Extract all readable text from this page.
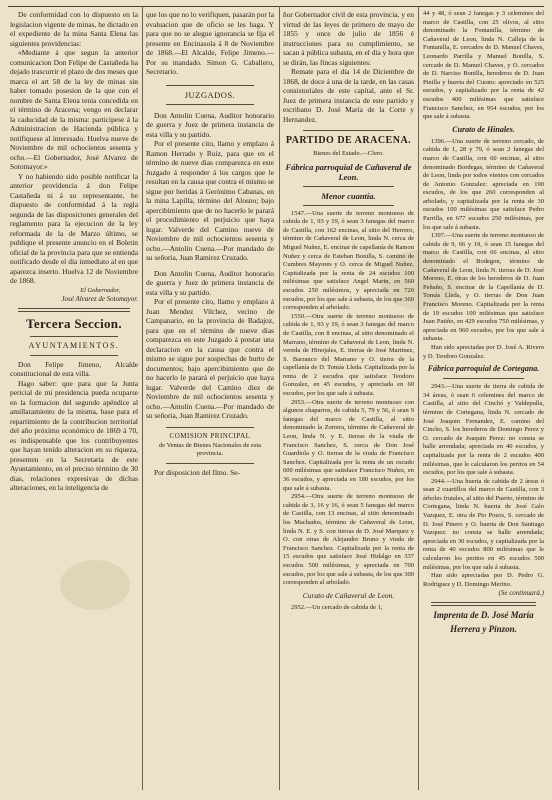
De conformidad con lo dispuesto en la legislacion vigente de minas, he dictado en el expediente de la mina Santa Elena las siguientes providencias:

«Mediante á que segun la anterior comunicacion Don Felipe de Castañeda ha dejado trascurrir el plazo de dos meses que marca el art 58 de la ley de minas sin haber tomado posesion de la que con el nombre de Santa Elena tenia concedida en el término de Aracena; vengo en declarar la caducidad de la misma: participese á la Administracion de Hacienda pública y notifiquese al interesado. Huelva nueve de Noviembre de mil ochocientos sesenta y ocho.—El Gobernador, José Alvarez de Sotomayor.»

Y no habiendo sido posible notificar la anterior providencia á don Felipe Castañeda ni á su representante, he dispuesto de conformidad á la regla segunda de las disposiciones generales del reglamento para la ejecucion de la ley reformada de la de Marzo último, se publique el presente anuncio en el Boletin oficial de la provincia para que se entienda notificado desde el dia inmediato al en que aparezca inserto. Huelva 12 de Noviembre de 1868.

El Gobernador,

José Alvarez de Sotomayor.

Tercera Seccion.
AYUNTAMIENTOS.

Don Felipe Jimeno, Alcalde constitucional de esta villa.

Hago saber: que para que la Junta pericial de mi presidencia pueda ocuparse en la formacion del segundo apéndice al amillaramiento de la misma, base para el repartimiento de la contribucion territorial del año próximo económico de 1869 á 70, es indispensable que los contribuyentes que hayan tenido alteracion en su riqueza, presenten en la Secretaria de este Ayuntamiento, en el preciso término de 30 dias, relaciones expresivas de dichas alteraciones, en la inteligencia de

que los que no lo verifiquen, pasarán por la evaluacion que de oficio se les haga. Y para que no se alegue ignorancia se fija el presente en Encinasola á 8 de Noviembre de 1868.—El Alcalde, Felipe Jimeno.—Por su mandado. Simon G. Caballero, Secretario.

JUZGADOS.

Don Antolin Cuena, Auditor honorario de guerra y Juez de primera instancia de esta villa y su partido.

Por el presente cito, llamo y emplazo á Ramon Herrado y Ruiz, para que en el término de nueve dias comparezca en este Juzgado á responder á los cargos que le resultan en la causa que contra el mismo se sigue por heridas á Gerónimo Cabanas, en la mina Lapilla, término del Alosno; bajo apercibimiento que de no hacerlo le parará el procedimiento el perjuicio que haya lugar. Valverde del Camino nueve de Noviembre de mil ochocientos sesenta y ocho.—Antolin Cuena.—Por mandado de su señoria, Juan Ramirez Cruzado.

Don Antolin Cuena, Auditor honorario de guerra y Juez de primera instancia de esta villa y su partido.

Por el presente cito, llamo y emplazo á Juan Mendez Vilchez, vecino de Campanario, en la provincia de Badajoz, para que en el término de nueve dias comparezca en este Juzgado á prestar una declaracion en la causa que contra el mismo se sigue por sospechas de hurto de documentos; bajo apercibimiento que de no hacerlo le parará el perjuicio que haya lugar. Valverde del Camino diez de Noviembre de mil ochocientos sesenta y ocho.—Antolin Cuena.—Por mandado de su señoria, Juan Ramirez Cruzado.

COMISION PRINCIPAL

de Ventas de Bienes Nacionales de esta provincia.

Por disposicion del Ilmo. Se-

ñor Gobernador civil de esta provincia, y en virtud de las leyes de primero de mayo de 1855 y once de julio de 1856 é instrucciones para su cumplimiento, se sacan á pública subasta, en el dia y hora que se dirán, las fincas siguientes:

Remate para el dia 14 de Diciembre de 1868, de doce á una de la tarde, en las casas consistoriales de este capital, ante el Sr. Juez de primera instancia de este partido y escribano D. José María de la Corte y Hernandez.

PARTIDO DE ARACENA.

Bienes del Estado.—Clero.

Fábrica parroquial de Cañaveral de Leon.
Menor cuantía.

1547.—Una suerte de terreno montuoso de cabida de 1, 93 y 19, ó sean 3 fanegas del marco de Castilla, con 162 encinas, al sitio del Herrero, término de Cañaveral de Leon, linda N. cerca de Miguel Nuñez, E. encinar de capellanía de Ramon Nuñez y cerca de Esteban Bonilla, S. camino de Cumbres Mayores y O. cerca de Miguel Nuñez. Capitalizada por la renta de 24 escudos 100 milésimas que satisface Angel Marin, en 560 escudos 250 milésimos, y apreciada en 720 escudos, por los que sale á subasta, de los que 360 corresponden al arbolado.

1550.—Otra suerte de terreno montuoso de cabida de 1, 93 y 19, ó sean 3 fanegas del marco de Castilla, con 8 encinas, al sitio denominado el Marrano, término de Cañaveral de Leon, linda N. vereda de Hinojales, E. tierras de José Martinez, S. Barranco del Marrano y O. tierra de la capellanía de D. Tomás Lleda. Capitalizada por la renta de 2 escudos que satisface Teodoro Gonzalez, en 45 escudos, y apreciada en 60 escudos, por los que sale á subasta.

2953.—Otra suerte de terreno montuoso con algunos chaparros, de cabida 5, 79 y 56, ó sean 9 fanegas del marco de Castilla, al sitio denominado la Zorrera, término de Cañaveral de Leon, linda N. y E. tierras de la viuda de Francisco Sanchez, S. cerca de Don José Guardiola y O. tierras de la viuda de Francisco Sanchez. Capitalizada por la renta de un escudo 600 milésimas que satisface Francisco Nuñez, en 36 escudos, y apreciada en 180 escudos, por los que sale á subasta.

2954.—Otra suerte de terreno montuoso de cabida de 3, 16 y 16, ó sean 5 fanegas del marco de Castilla, con 13 encinas, al sitio denominado los Machados, término de Cañaveral de Leon, linda N. E. y S. con tierras de D. José Marquez y O. con otras de Alejandro Bruno y viuda de Francisco Sanchez. Capitalizada por la renta de 15 escudos que satisface José Hidalgo en 337 escudos 500 milésimas, y apreciada en 700 escudos, por los que sale á subasta, de los que 300 corresponden al arbolado.

Curato de Cañaveral de Leon.

2952.—Un cercado de cabida de 1,

44 y 48, ó sean 2 fanegas y 3 celemines del marco de Castilla, con 25 olivos, al sitio denominado la Fontanilla, término de Cañaveral de Leon, linda N. Calleja de la Fontanilla, E. cercados de D. Manuel Chaves, Leonardo Parrilla y Manuel Bonilla, S. cercado de D. Manuel Chaves, y O. cercados de D. Narciso Bonilla, herederos de D. Juan Pinilla y huerta del Curato: apreciado en 525 escudos, y capitalizado por la renta de 42 escudos 400 milésimas que satisface Francisco Sanchez, en 954 escudos, por los que sale á subasta.

Curato de Hinales.

1396.—Una suerte de terreno cercado, de cabida de 1, 28 y 79, ó sean 2 fanegas del marco de Castilla, con 60 encinas, al sitio denominado Bordegas, término de Cañaveral de Leon, linda por todos vientos con cercados de Antonio Gonzalez: apreciada en 190 escudos, de los que 260 corresponden al arbolado, y capitalizada por la renta de 30 escudos 100 milésimas que satisface Pedro Parrilla, en 677 escudos 250 milésimas, por los que sale á subasta.

1397.—Una suerte de terreno montuoso de cabida de 9, 66 y 19, ó sean 15 fanegas del marco de Castilla, con 66 encinas, al sitio denominado el Bodegon, término de Cañaveral de Leon, linda N. tierras de D. José Moreno, E. otras de los herederos de D. Juan Peñaño, S. encinar de la Capellanía de D. Tomás Lleda, y O. tierras de Don Juan Francisco Moreno. Capitalizada por la renta de 19 escudos 100 milésimas que satisface Juan Patiño, en 429 escudos 750 milésimas, y apreciada en 960 escudos, por los que sale á subasta.

Han sido apreciadas por D. José A. Rivero y D. Teodoro Gonzalez.

Fábrica parroquial de Cortegana.

2943.—Una suerte de tierra de cabida de 34 áreas, ó sean 6 celemines del marco de Castilla, al sitio del Cinchó y Valdepulla, término de Cortegana, linda N. cercado de José Joaquin Fernandez, E. camino del Cincho, S. los herederos de Domingo Perez y O. cercado de Joaquin Perez: no consta se halle arrendada; apreciada en 40 escudos, y capitalizada por la renta de 2 escudos 400 milésimas, que le calcularon los peritos en 54 escudos, por los que sale á subasta.

2944.—Una huerta de cabida de 2 áreas ó sean 2 cuartillos del marco de Castilla, con 3 árboles frutales, al sitio del Puerto, término de Cortegana, linda N. huerta de José Galo Vazquez, E. otra de Pio Pozos, S. cercado de D. José Pinero y O. huerta de Don Santiago Vazquez: no consta se halle arrendada; apreciada en 30 escudos, y capitalizada por la renta de 40 escudos 800 milésimas que le calcularon los peritos en 45 escudos 500 milésimas, por los que sale á subasta.

Han sido apreciadas por D. Pedro G. Rodriguez y D. Domingo Merino.

(Se continuará.)

Imprenta de D. José María
Herrera y Pinzon.
